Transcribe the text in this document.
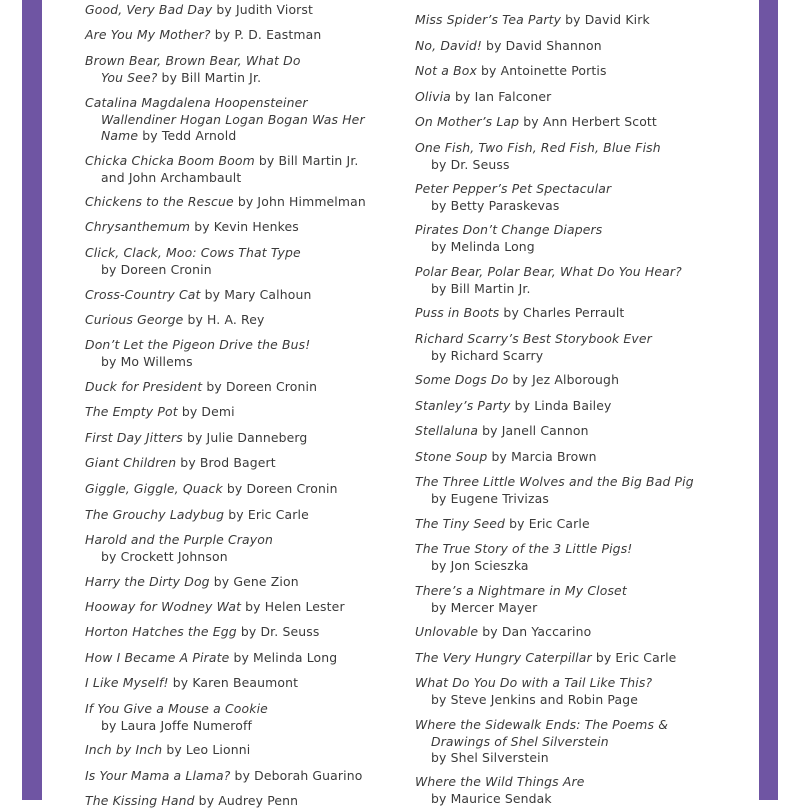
Good, Very Bad Day by Judith Viorst
Are You My Mother? by P. D. Eastman
Brown Bear, Brown Bear, What Do
You See? by Bill Martin Jr.
Catalina Magdalena Hoopensteiner
Wallendiner Hogan Logan Bogan Was Her
Name by Tedd Arnold
Chicka Chicka Boom Boom by Bill Martin Jr.
and John Archambault
Chickens to the Rescue by John Himmelman
Chrysanthemum by Kevin Henkes
Click, Clack, Moo: Cows That Type
by Doreen Cronin
Cross-Country Cat by Mary Calhoun
Curious George by H. A. Rey
Don’t Let the Pigeon Drive the Bus!
by Mo Willems
Duck for President by Doreen Cronin
The Empty Pot by Demi
First Day Jitters by Julie Danneberg
Giant Children by Brod Bagert
Giggle, Giggle, Quack by Doreen Cronin
The Grouchy Ladybug by Eric Carle
Harold and the Purple Crayon
by Crockett Johnson
Harry the Dirty Dog by Gene Zion
Hooway for Wodney Wat by Helen Lester
Horton Hatches the Egg by Dr. Seuss
How I Became A Pirate by Melinda Long
I Like Myself! by Karen Beaumont
If You Give a Mouse a Cookie
by Laura Joffe Numeroff
Inch by Inch by Leo Lionni
Is Your Mama a Llama? by Deborah Guarino
The Kissing Hand by Audrey Penn
Miss Spider’s Tea Party by David Kirk
No, David! by David Shannon
Not a Box by Antoinette Portis
Olivia by Ian Falconer
On Mother’s Lap by Ann Herbert Scott
One Fish, Two Fish, Red Fish, Blue Fish
by Dr. Seuss
Peter Pepper’s Pet Spectacular
by Betty Paraskevas
Pirates Don’t Change Diapers
by Melinda Long
Polar Bear, Polar Bear, What Do You Hear?
by Bill Martin Jr.
Puss in Boots by Charles Perrault
Richard Scarry’s Best Storybook Ever
by Richard Scarry
Some Dogs Do by Jez Alborough
Stanley’s Party by Linda Bailey
Stellaluna by Janell Cannon
Stone Soup by Marcia Brown
The Three Little Wolves and the Big Bad Pig
by Eugene Trivizas
The Tiny Seed by Eric Carle
The True Story of the 3 Little Pigs!
by Jon Scieszka
There’s a Nightmare in My Closet
by Mercer Mayer
Unlovable by Dan Yaccarino
The Very Hungry Caterpillar by Eric Carle
What Do You Do with a Tail Like This?
by Steve Jenkins and Robin Page
Where the Sidewalk Ends: The Poems &
Drawings of Shel Silverstein
by Shel Silverstein
Where the Wild Things Are
by Maurice Sendak
